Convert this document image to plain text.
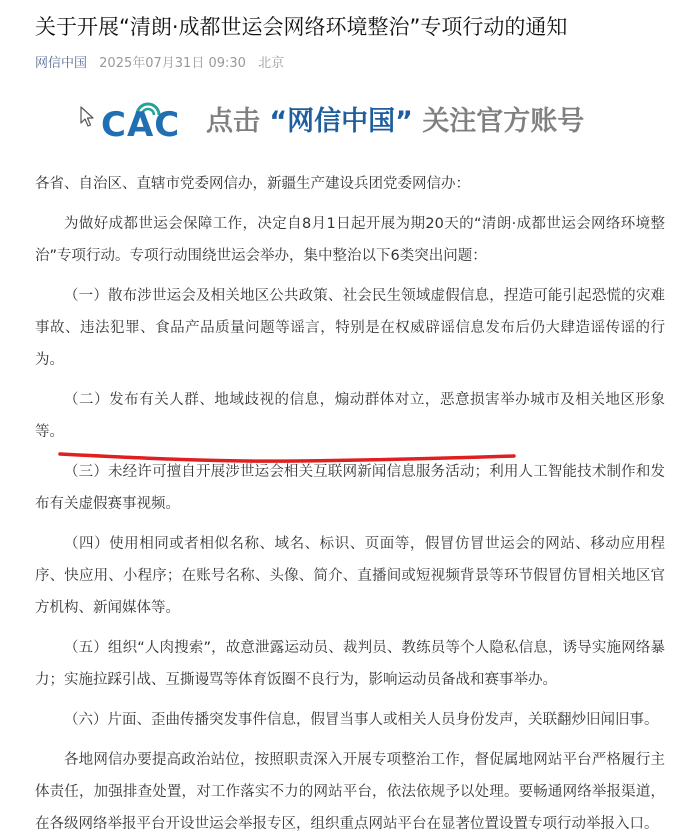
关于开展“清朗·成都世运会网络环境整治”专项行动的通知
网信中国 2025年07月31日 09:30 北京
CAC 点击 “网信中国” 关注官方账号

各省、自治区、直辖市党委网信办，新疆生产建设兵团党委网信办：

为做好成都世运会保障工作，决定自8月1日起开展为期20天的“清朗·成都世运会网络环境整治”专项行动。专项行动围绕世运会举办，集中整治以下6类突出问题：

（一）散布涉世运会及相关地区公共政策、社会民生领域虚假信息，捏造可能引起恐慌的灾难事故、违法犯罪、食品产品质量问题等谣言，特别是在权威辟谣信息发布后仍大肆造谣传谣的行为。

（二）发布有关人群、地域歧视的信息，煽动群体对立，恶意损害举办城市及相关地区形象等。

（三）未经许可擅自开展涉世运会相关互联网新闻信息服务活动；利用人工智能技术制作和发布有关虚假赛事视频。

（四）使用相同或者相似名称、域名、标识、页面等，假冒仿冒世运会的网站、移动应用程序、快应用、小程序；在账号名称、头像、简介、直播间或短视频背景等环节假冒仿冒相关地区官方机构、新闻媒体等。

（五）组织“人肉搜索”，故意泄露运动员、裁判员、教练员等个人隐私信息，诱导实施网络暴力；实施拉踩引战、互撕谩骂等体育饭圈不良行为，影响运动员备战和赛事举办。

（六）片面、歪曲传播突发事件信息，假冒当事人或相关人员身份发声，关联翻炒旧闻旧事。

各地网信办要提高政治站位，按照职责深入开展专项整治工作，督促属地网站平台严格履行主体责任，加强排查处置，对工作落实不力的网站平台，依法依规予以处理。要畅通网络举报渠道，在各级网络举报平台开设世运会举报专区，组织重点网站平台在显著位置设置专项行动举报入口。
